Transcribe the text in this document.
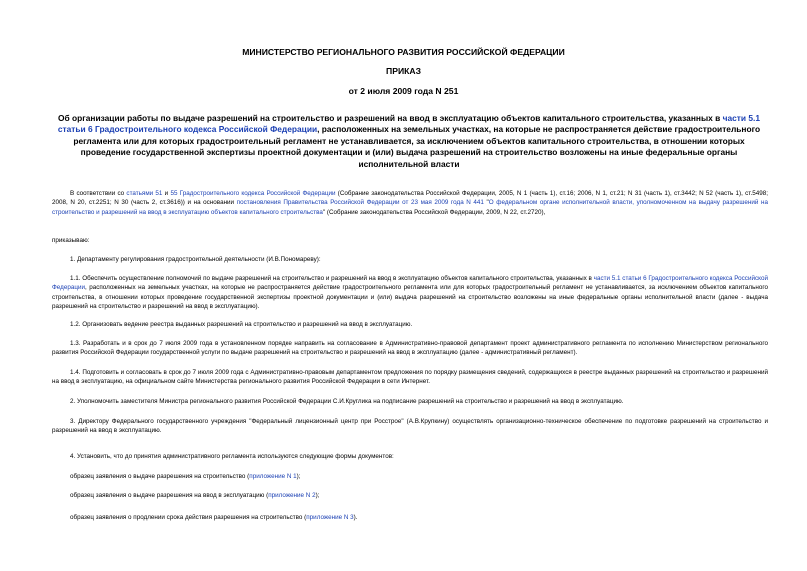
МИНИСТЕРСТВО РЕГИОНАЛЬНОГО РАЗВИТИЯ РОССИЙСКОЙ ФЕДЕРАЦИИ
ПРИКАЗ
от 2 июля 2009 года N 251
Об организации работы по выдаче разрешений на строительство и разрешений на ввод в эксплуатацию объектов капитального строительства, указанных в части 5.1 статьи 6 Градостроительного кодекса Российской Федерации, расположенных на земельных участках, на которые не распространяется действие градостроительного регламента или для которых градостроительный регламент не устанавливается, за исключением объектов капитального строительства, в отношении которых проведение государственной экспертизы проектной документации и (или) выдача разрешений на строительство возложены на иные федеральные органы исполнительной власти
В соответствии со статьями 51 и 55 Градостроительного кодекса Российской Федерации (Собрание законодательства Российской Федерации, 2005, N 1 (часть 1), ст.16; 2006, N 1, ст.21; N 31 (часть 1), ст.3442; N 52 (часть 1), ст.5498; 2008, N 20, ст.2251; N 30 (часть 2, ст.3616)) и на основании постановления Правительства Российской Федерации от 23 мая 2009 года N 441 "О федеральном органе исполнительной власти, уполномоченном на выдачу разрешений на строительство и разрешений на ввод в эксплуатацию объектов капитального строительства" (Собрание законодательства Российской Федерации, 2009, N 22, ст.2720),
приказываю:
1. Департаменту регулирования градостроительной деятельности (И.В.Пономареву):
1.1. Обеспечить осуществление полномочий по выдаче разрешений на строительство и разрешений на ввод в эксплуатацию объектов капитального строительства, указанных в части 5.1 статьи 6 Градостроительного кодекса Российской Федерации, расположенных на земельных участках, на которые не распространяется действие градостроительного регламента или для которых градостроительный регламент не устанавливается, за исключением объектов капитального строительства, в отношении которых проведение государственной экспертизы проектной документации и (или) выдача разрешений на строительство возложены на иные федеральные органы исполнительной власти (далее - выдача разрешений на строительство и разрешений на ввод в эксплуатацию).
1.2. Организовать ведение реестра выданных разрешений на строительство и разрешений на ввод в эксплуатацию.
1.3. Разработать и в срок до 7 июля 2009 года в установленном порядке направить на согласование в Административно-правовой департамент проект административного регламента по исполнению Министерством регионального развития Российской Федерации государственной услуги по выдаче разрешений на строительство и разрешений на ввод в эксплуатацию (далее - административный регламент).
1.4. Подготовить и согласовать в срок до 7 июля 2009 года с Административно-правовым департаментом предложения по порядку размещения сведений, содержащихся в реестре выданных разрешений на строительство и разрешений на ввод в эксплуатацию, на официальном сайте Министерства регионального развития Российской Федерации в сети Интернет.
2. Уполномочить заместителя Министра регионального развития Российской Федерации С.И.Круглика на подписание разрешений на строительство и разрешений на ввод в эксплуатацию.
3. Директору Федерального государственного учреждения "Федеральный лицензионный центр при Росстрое" (А.В.Крупкину) осуществлять организационно-техническое обеспечение по подготовке разрешений на строительство и разрешений на ввод в эксплуатацию.
4. Установить, что до принятия административного регламента используются следующие формы документов:
образец заявления о выдаче разрешения на строительство (приложение N 1);
образец заявления о выдаче разрешения на ввод в эксплуатацию (приложение N 2);
образец заявления о продлении срока действия разрешения на строительство (приложение N 3).
